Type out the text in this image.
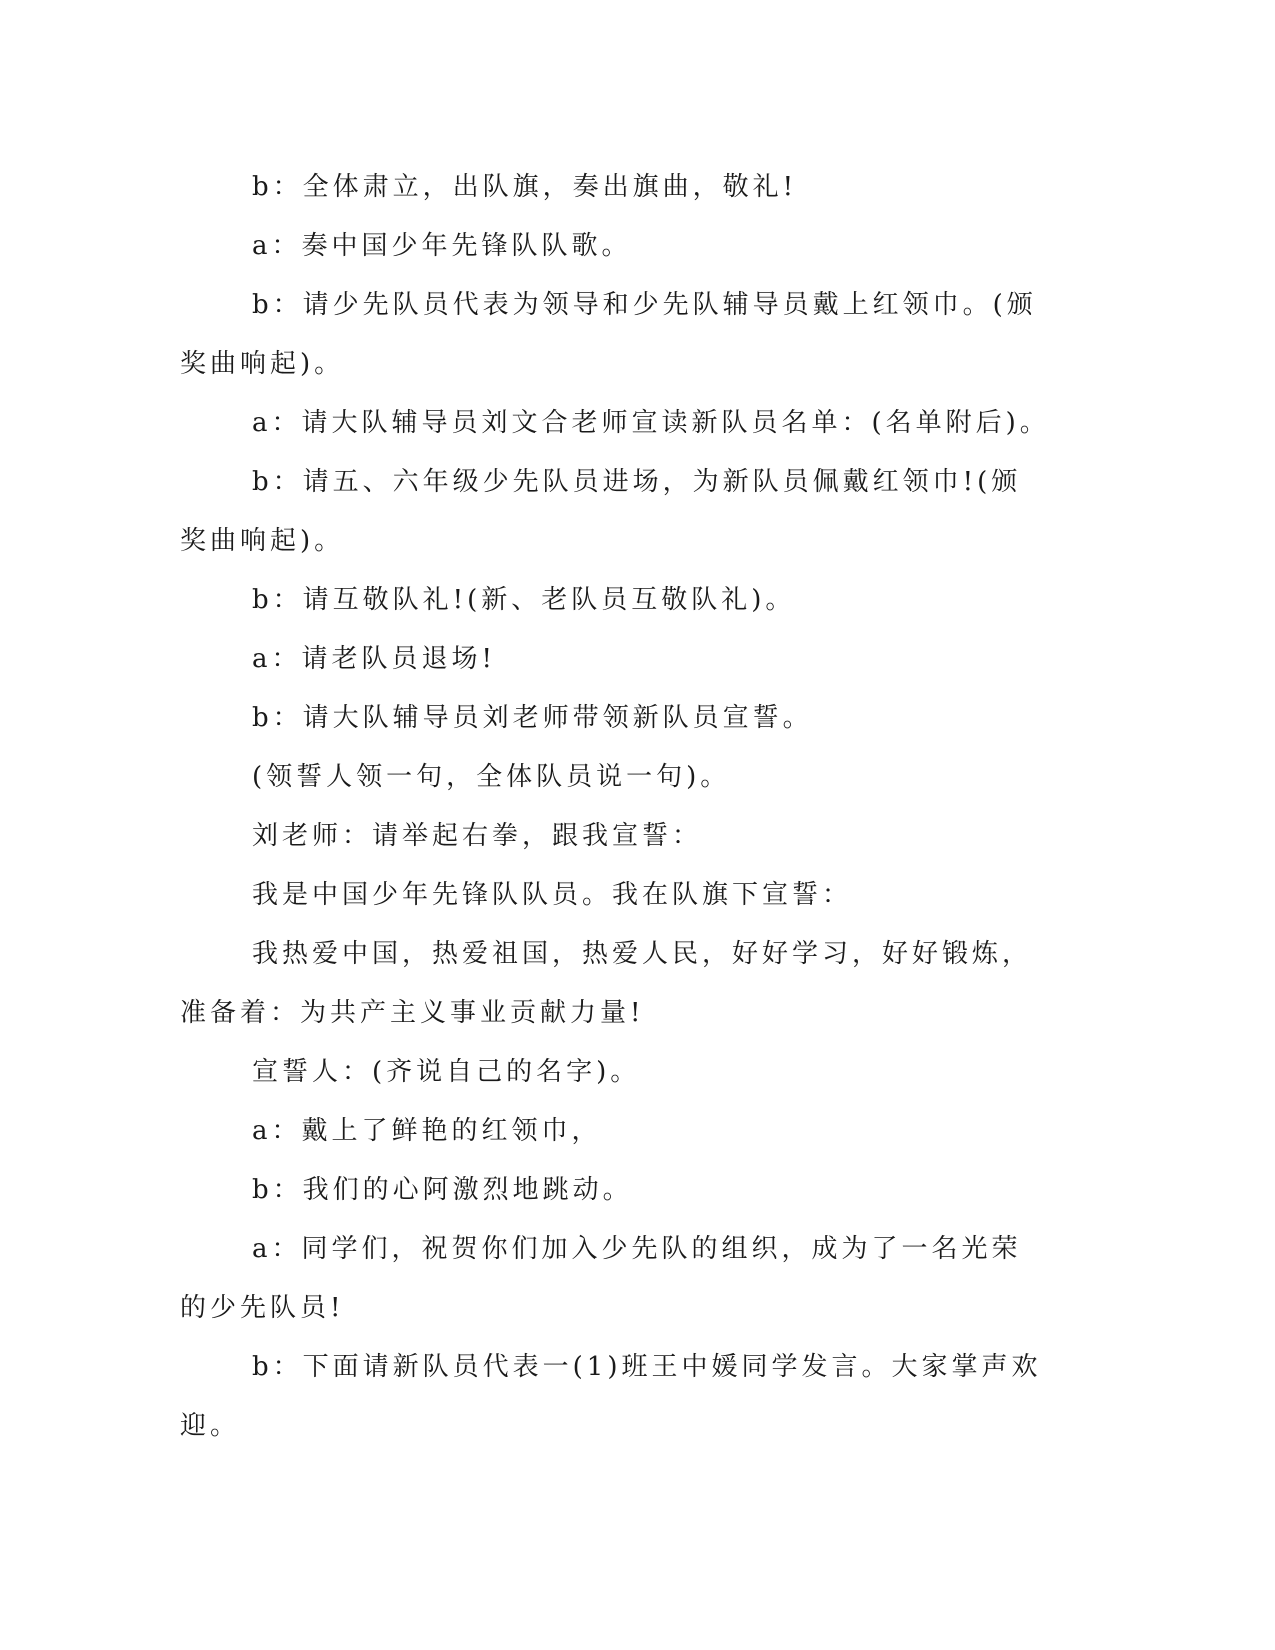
b：全体肃立，出队旗，奏出旗曲，敬礼!

a：奏中国少年先锋队队歌。

b：请少先队员代表为领导和少先队辅导员戴上红领巾。(颁奖曲响起)。

a：请大队辅导员刘文合老师宣读新队员名单：(名单附后)。

b：请五、六年级少先队员进场，为新队员佩戴红领巾!(颁奖曲响起)。

b：请互敬队礼!(新、老队员互敬队礼)。

a：请老队员退场!

b：请大队辅导员刘老师带领新队员宣誓。

(领誓人领一句，全体队员说一句)。

刘老师：请举起右拳，跟我宣誓：

我是中国少年先锋队队员。我在队旗下宣誓：

我热爱中国，热爱祖国，热爱人民，好好学习，好好锻炼，准备着：为共产主义事业贡献力量!

宣誓人：(齐说自己的名字)。

a：戴上了鲜艳的红领巾，

b：我们的心阿激烈地跳动。

a：同学们，祝贺你们加入少先队的组织，成为了一名光荣的少先队员!

b：下面请新队员代表一(1)班王中媛同学发言。大家掌声欢迎。
